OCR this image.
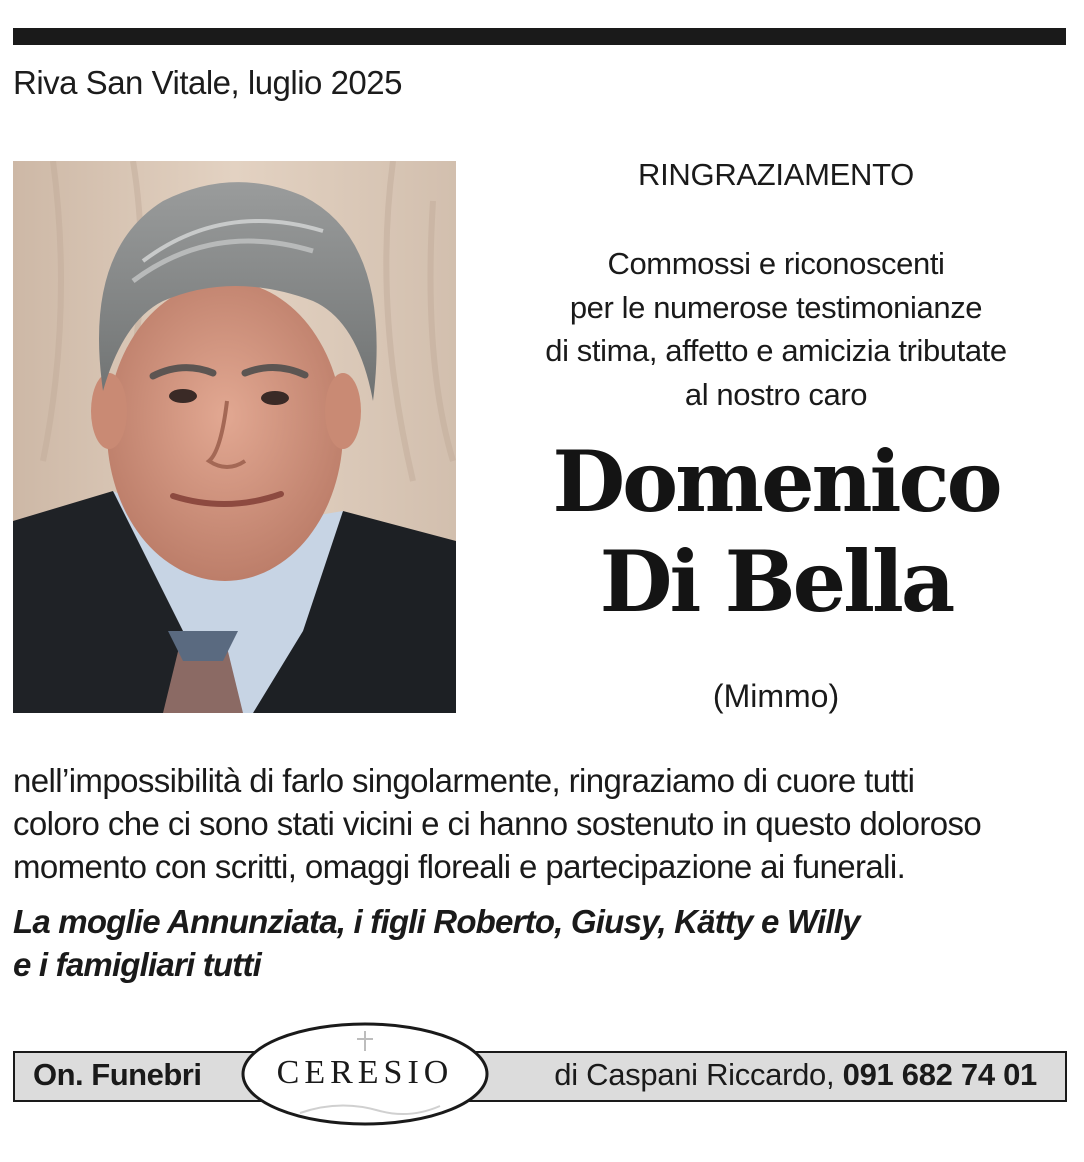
Riva San Vitale, luglio 2025
RINGRAZIAMENTO
Commossi e riconoscenti
per le numerose testimonianze
di stima, affetto e amicizia tributate
al nostro caro
Domenico
Di Bella
(Mimmo)
nell’impossibilità di farlo singolarmente, ringraziamo di cuore tutti
coloro che ci sono stati vicini e ci hanno sostenuto in questo doloroso
momento con scritti, omaggi floreali e partecipazione ai funerali.
La moglie Annunziata, i figli Roberto, Giusy, Kätty e Willy
e i famigliari tutti
On. Funebri	di Caspani Riccardo, 091 682 74 01
CERESIO
